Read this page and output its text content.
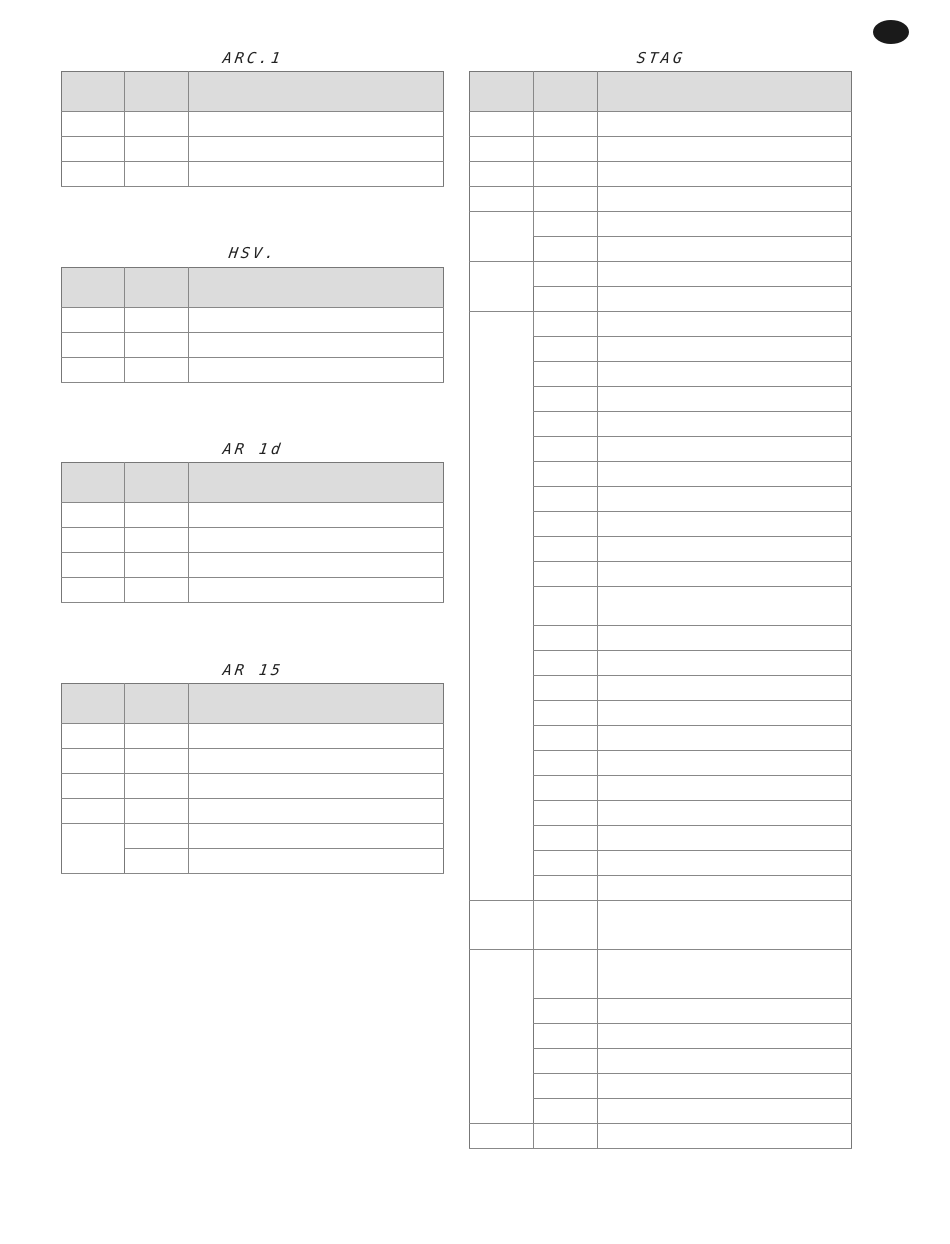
ARC.1

HSV.

AR 1d

AR 15

STAG
